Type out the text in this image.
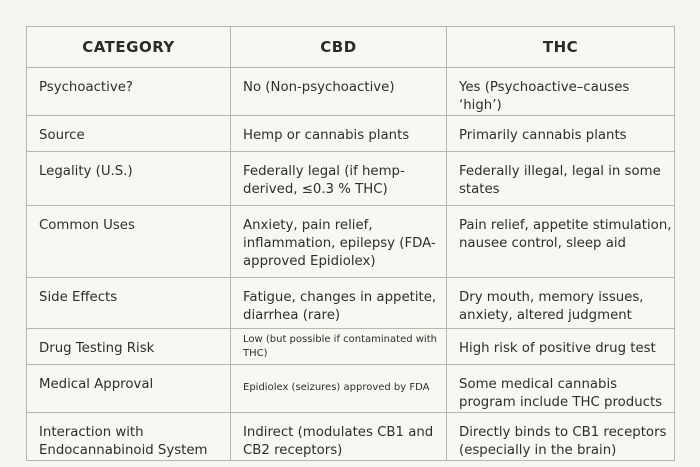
CATEGORY	CBD	THC
Psychoactive?	No (Non-psychoactive)	Yes (Psychoactive–causes ‘high’)
Source	Hemp or cannabis plants	Primarily cannabis plants
Legality (U.S.)	Federally legal (if hemp-derived, ≤0.3 % THC)	Federally illegal, legal in some states
Common Uses	Anxiety, pain relief, inflammation, epilepsy (FDA-approved Epidiolex)	Pain relief, appetite stimulation, nausee control, sleep aid
Side Effects	Fatigue, changes in appetite, diarrhea (rare)	Dry mouth, memory issues, anxiety, altered judgment
Drug Testing Risk	Low (but possible if contaminated with THC)	High risk of positive drug test
Medical Approval	Epidiolex (seizures) approved by FDA	Some medical cannabis program include THC products
Interaction with Endocannabinoid System	Indirect (modulates CB1 and CB2 receptors)	Directly binds to CB1 receptors (especially in the brain)
